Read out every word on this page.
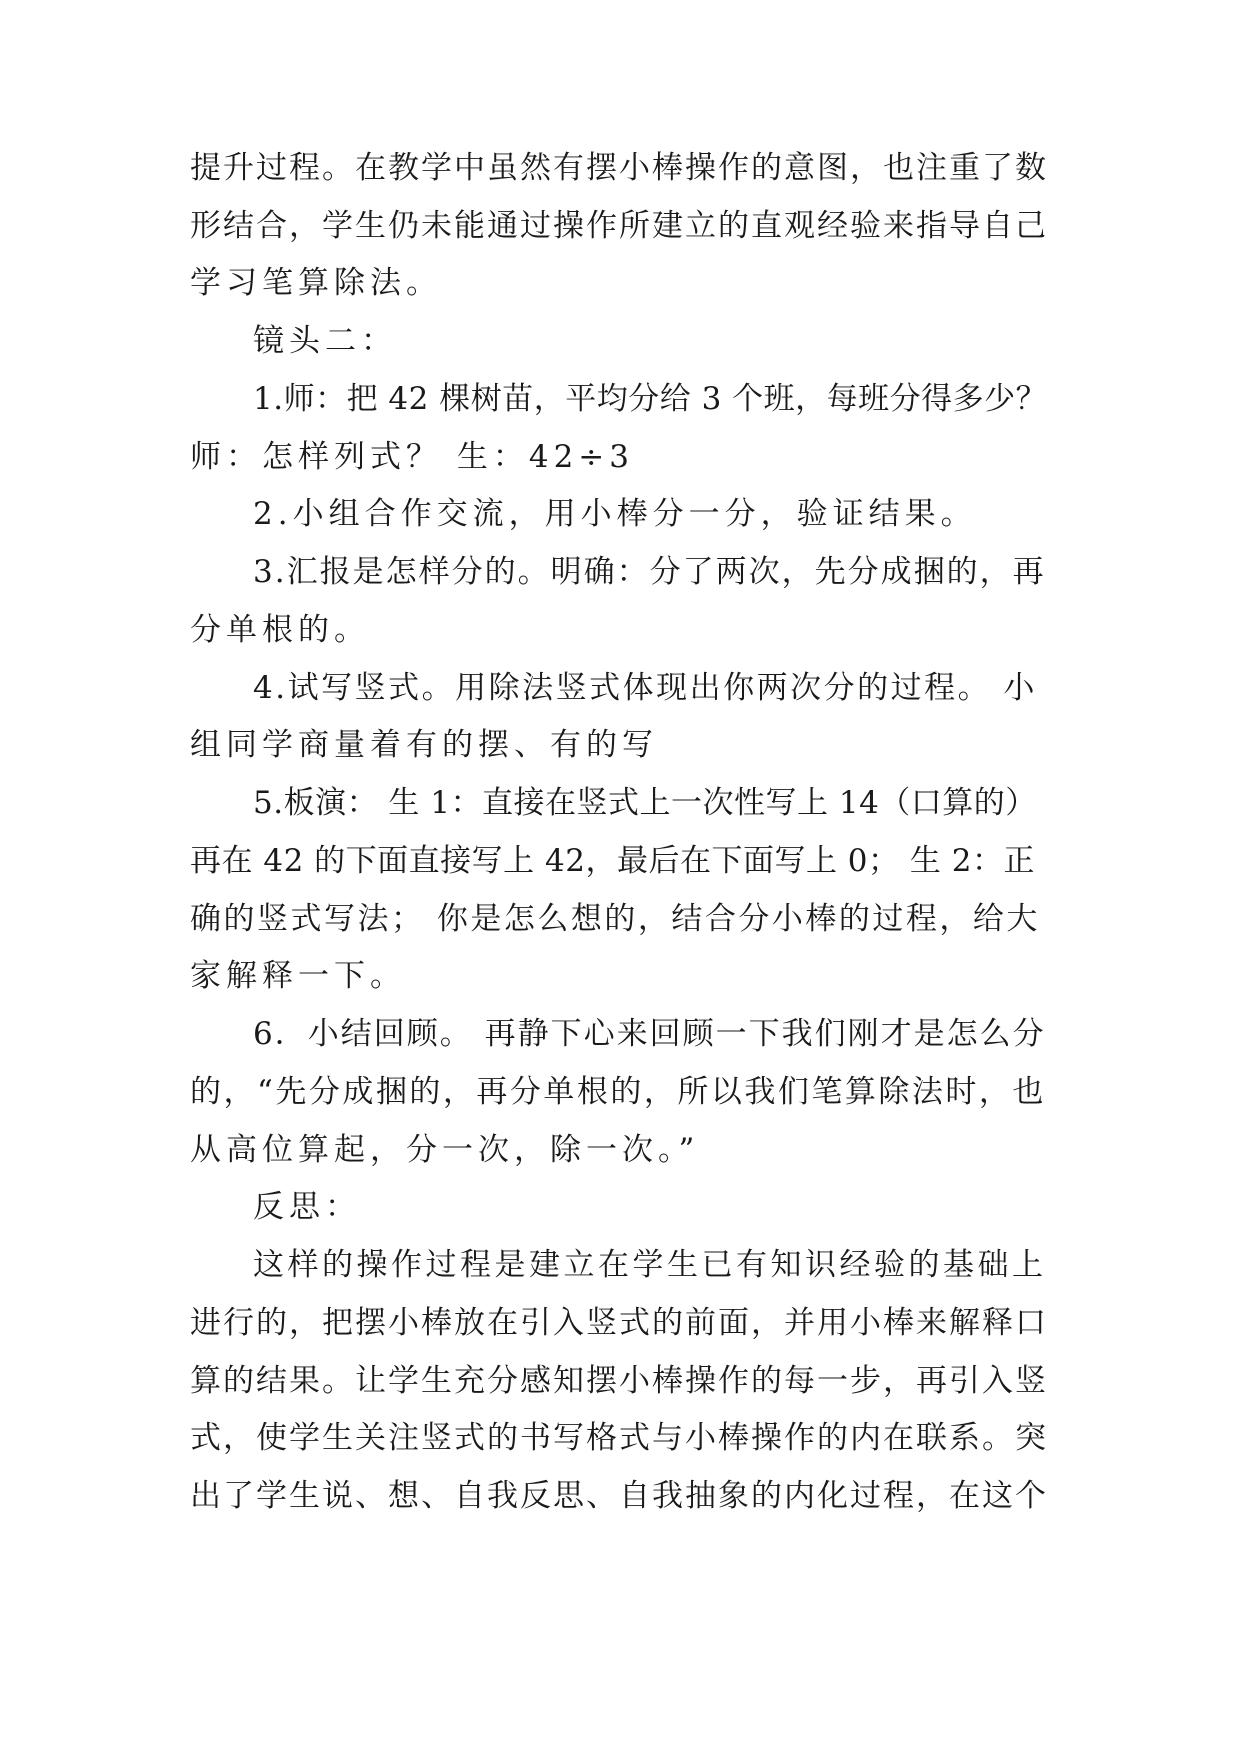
提升过程。在教学中虽然有摆小棒操作的意图，也注重了数
形结合，学生仍未能通过操作所建立的直观经验来指导自己
学习笔算除法。
镜头二：
1.师：把 42 棵树苗，平均分给 3 个班，每班分得多少？
师：怎样列式？ 生：42÷3
2.小组合作交流，用小棒分一分，验证结果。
3.汇报是怎样分的。明确：分了两次，先分成捆的，再
分单根的。
4.试写竖式。用除法竖式体现出你两次分的过程。 小
组同学商量着有的摆、有的写
5.板演： 生 1：直接在竖式上一次性写上 14（口算的）
再在 42 的下面直接写上 42，最后在下面写上 0； 生 2：正
确的竖式写法； 你是怎么想的，结合分小棒的过程，给大
家解释一下。
6．小结回顾。 再静下心来回顾一下我们刚才是怎么分
的，“先分成捆的，再分单根的，所以我们笔算除法时，也
从高位算起，分一次，除一次。”
反思：
这样的操作过程是建立在学生已有知识经验的基础上
进行的，把摆小棒放在引入竖式的前面，并用小棒来解释口
算的结果。让学生充分感知摆小棒操作的每一步，再引入竖
式，使学生关注竖式的书写格式与小棒操作的内在联系。突
出了学生说、想、自我反思、自我抽象的内化过程，在这个
